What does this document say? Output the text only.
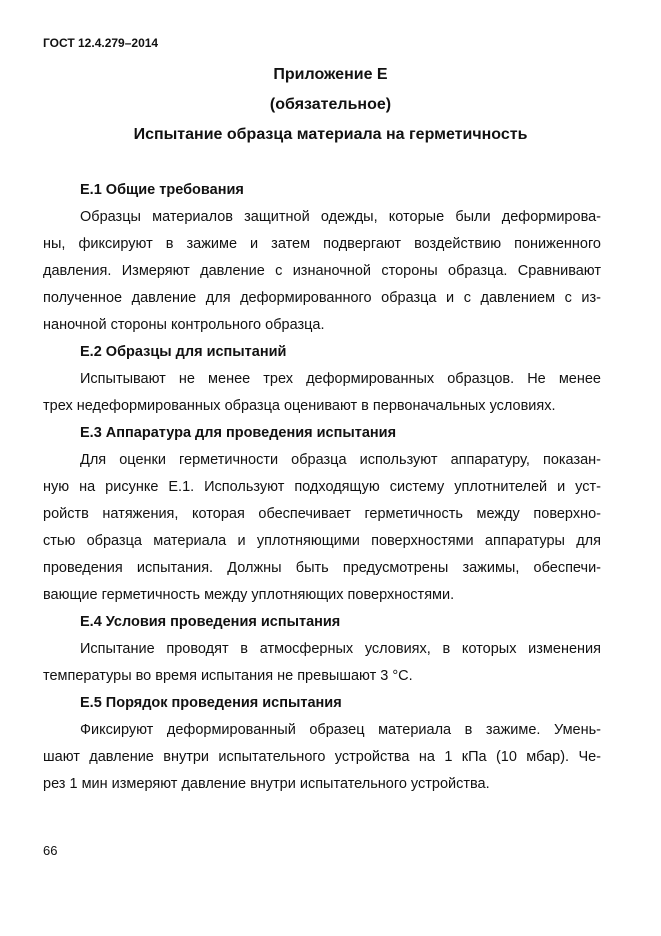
ГОСТ 12.4.279–2014
Приложение Е
(обязательное)
Испытание образца материала на герметичность
Е.1 Общие требования
Образцы материалов защитной одежды, которые были деформирова-
ны, фиксируют в зажиме и затем подвергают воздействию пониженного
давления. Измеряют давление с изнаночной стороны образца. Сравнивают
полученное давление для деформированного образца и с давлением с из-
наночной стороны контрольного образца.
Е.2 Образцы для испытаний
Испытывают не менее трех деформированных образцов. Не менее
трех недеформированных образца оценивают в первоначальных условиях.
Е.3 Аппаратура для проведения испытания
Для оценки герметичности образца используют аппаратуру, показан-
ную на рисунке Е.1. Используют подходящую систему уплотнителей и уст-
ройств натяжения, которая обеспечивает герметичность между поверхно-
стью образца материала и уплотняющими поверхностями аппаратуры для
проведения испытания. Должны быть предусмотрены зажимы, обеспечи-
вающие герметичность между уплотняющих поверхностями.
Е.4 Условия проведения испытания
Испытание проводят в атмосферных условиях, в которых изменения
температуры во время испытания не превышают 3 °С.
Е.5 Порядок проведения испытания
Фиксируют деформированный образец материала в зажиме. Умень-
шают давление внутри испытательного устройства на 1 кПа (10 мбар). Че-
рез 1 мин измеряют давление внутри испытательного устройства.
66
